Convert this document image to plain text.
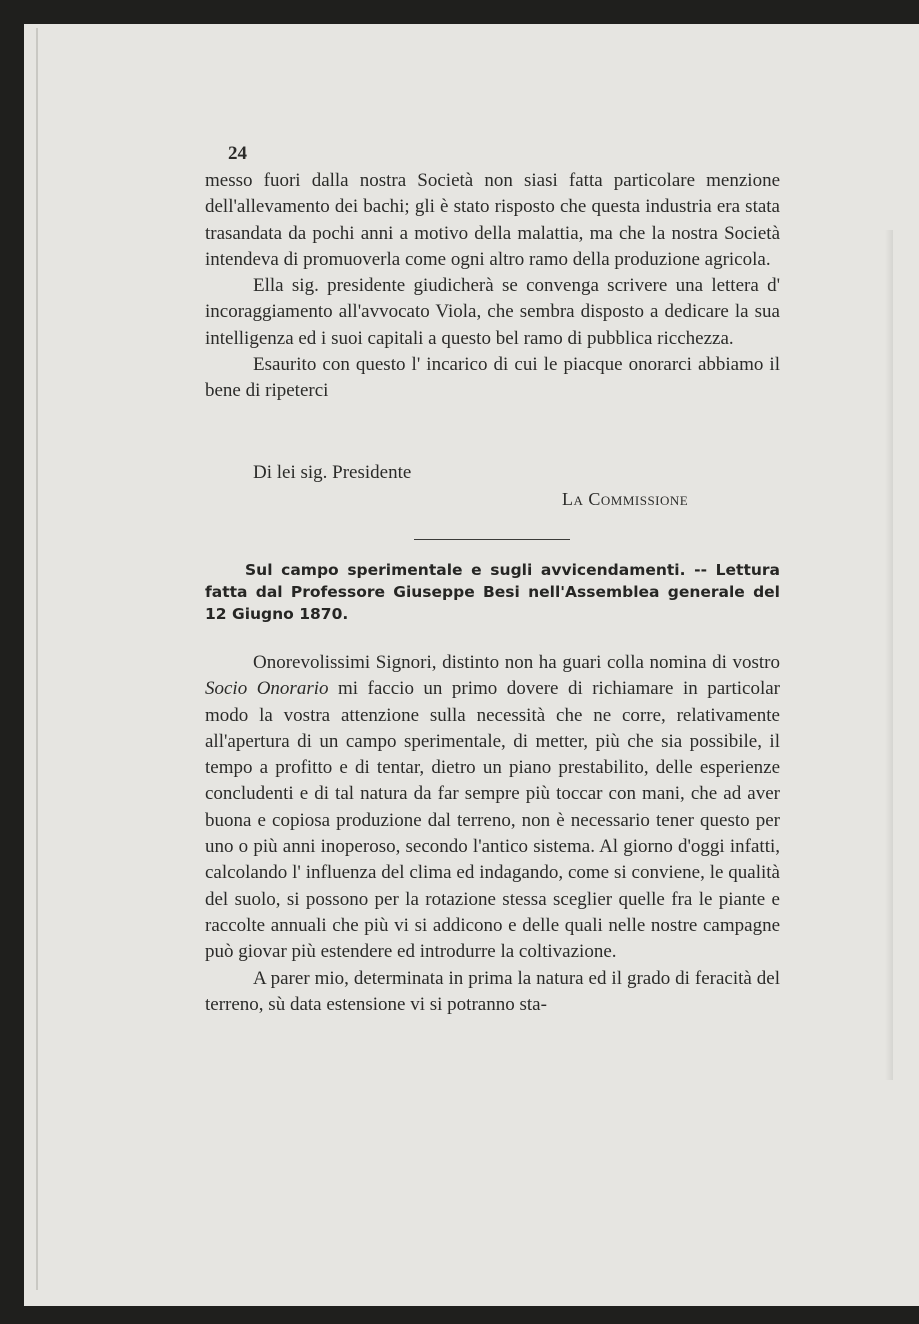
24

messo fuori dalla nostra Società non siasi fatta particolare menzione dell'allevamento dei bachi; gli è stato risposto che questa industria era stata trasandata da pochi anni a motivo della malattia, ma che la nostra Società intendeva di promuoverla come ogni altro ramo della produzione agricola.

Ella sig. presidente giudicherà se convenga scrivere una lettera d' incoraggiamento all'avvocato Viola, che sembra disposto a dedicare la sua intelligenza ed i suoi capitali a questo bel ramo di pubblica ricchezza.

Esaurito con questo l' incarico di cui le piacque onorarci abbiamo il bene di ripeterci

Di lei sig. Presidente
La Commissione
Sul campo sperimentale e sugli avvicendamenti. -- Lettura fatta dal Professore Giuseppe Besi nell'Assemblea generale del 12 Giugno 1870.

Onorevolissimi Signori, distinto non ha guari colla nomina di vostro Socio Onorario mi faccio un primo dovere di richiamare in particolar modo la vostra attenzione sulla necessità che ne corre, relativamente all'apertura di un campo sperimentale, di metter, più che sia possibile, il tempo a profitto e di tentar, dietro un piano prestabilito, delle esperienze concludenti e di tal natura da far sempre più toccar con mani, che ad aver buona e copiosa produzione dal terreno, non è necessario tener questo per uno o più anni inoperoso, secondo l'antico sistema. Al giorno d'oggi infatti, calcolando l' influenza del clima ed indagando, come si conviene, le qualità del suolo, si possono per la rotazione stessa sceglier quelle fra le piante e raccolte annuali che più vi si addicono e delle quali nelle nostre campagne può giovar più estendere ed introdurre la coltivazione.

A parer mio, determinata in prima la natura ed il grado di feracità del terreno, sù data estensione vi si potranno sta-
